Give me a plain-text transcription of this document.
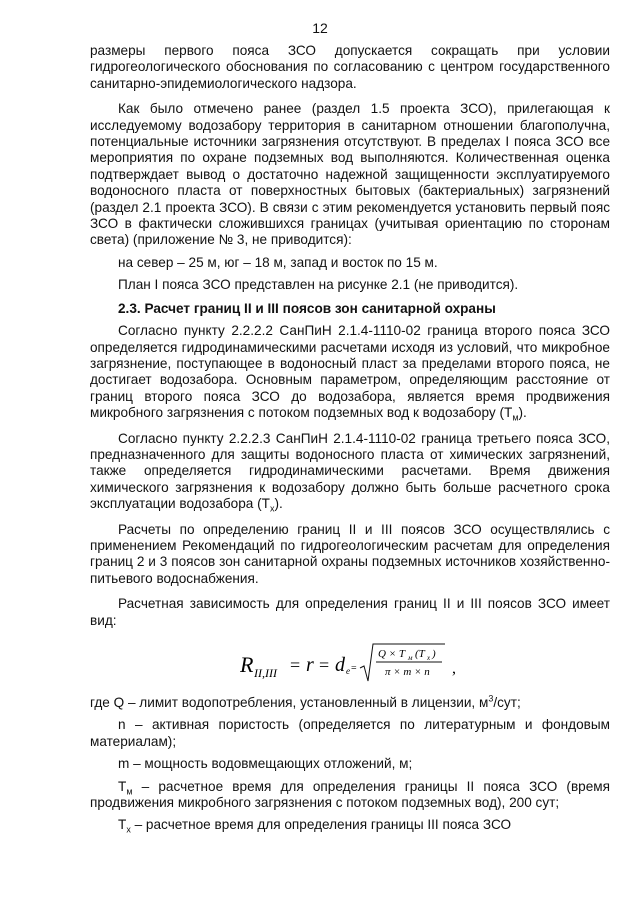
12

размеры первого пояса ЗСО допускается сокращать при условии гидрогеологического обоснования по согласованию с центром государственного санитарно-эпидемиологического надзора.

Как было отмечено ранее (раздел 1.5 проекта ЗСО), прилегающая к исследуемому водозабору территория в санитарном отношении благополучна, потенциальные источники загрязнения отсутствуют. В пределах I пояса ЗСО все мероприятия по охране подземных вод выполняются. Количественная оценка подтверждает вывод о достаточно надежной защищенности эксплуатируемого водоносного пласта от поверхностных бытовых (бактериальных) загрязнений (раздел 2.1 проекта ЗСО). В связи с этим рекомендуется установить первый пояс ЗСО в фактически сложившихся границах (учитывая ориентацию по сторонам света) (приложение № 3, не приводится):

на север – 25 м, юг – 18 м, запад и восток по 15 м.

План I пояса ЗСО представлен на рисунке 2.1 (не приводится).

2.3. Расчет границ II и III поясов зон санитарной охраны

Согласно пункту 2.2.2.2 СанПиН 2.1.4-1110-02 граница второго пояса ЗСО определяется гидродинамическими расчетами исходя из условий, что микробное загрязнение, поступающее в водоносный пласт за пределами второго пояса, не достигает водозабора. Основным параметром, определяющим расстояние от границ второго пояса ЗСО до водозабора, является время продвижения микробного загрязнения с потоком подземных вод к водозабору $(Т_м)$.

Согласно пункту 2.2.2.3 СанПиН 2.1.4-1110-02 граница третьего пояса ЗСО, предназначенного для защиты водоносного пласта от химических загрязнений, также определяется гидродинамическими расчетами. Время движения химического загрязнения к водозабору должно быть больше расчетного срока эксплуатации водозабора $(Т_х)$.

Расчеты по определению границ II и III поясов ЗСО осуществлялись с применением Рекомендаций по гидрогеологическим расчетам для определения границ 2 и 3 поясов зон санитарной охраны подземных источников хозяйственно-питьевого водоснабжения.

Расчетная зависимость для определения границ II и III поясов ЗСО имеет вид:

R II,III = r = d e =
Q × T м (T x )
π × m × n ,

где Q – лимит водопотребления, установленный в лицензии, $м^3$/сут;

n – активная пористость (определяется по литературным и фондовым материалам);

m – мощность водовмещающих отложений, м;

$Т_м$ – расчетное время для определения границы II пояса ЗСО (время продвижения микробного загрязнения с потоком подземных вод), 200 сут;

$Т_х$ – расчетное время для определения границы III пояса ЗСО
